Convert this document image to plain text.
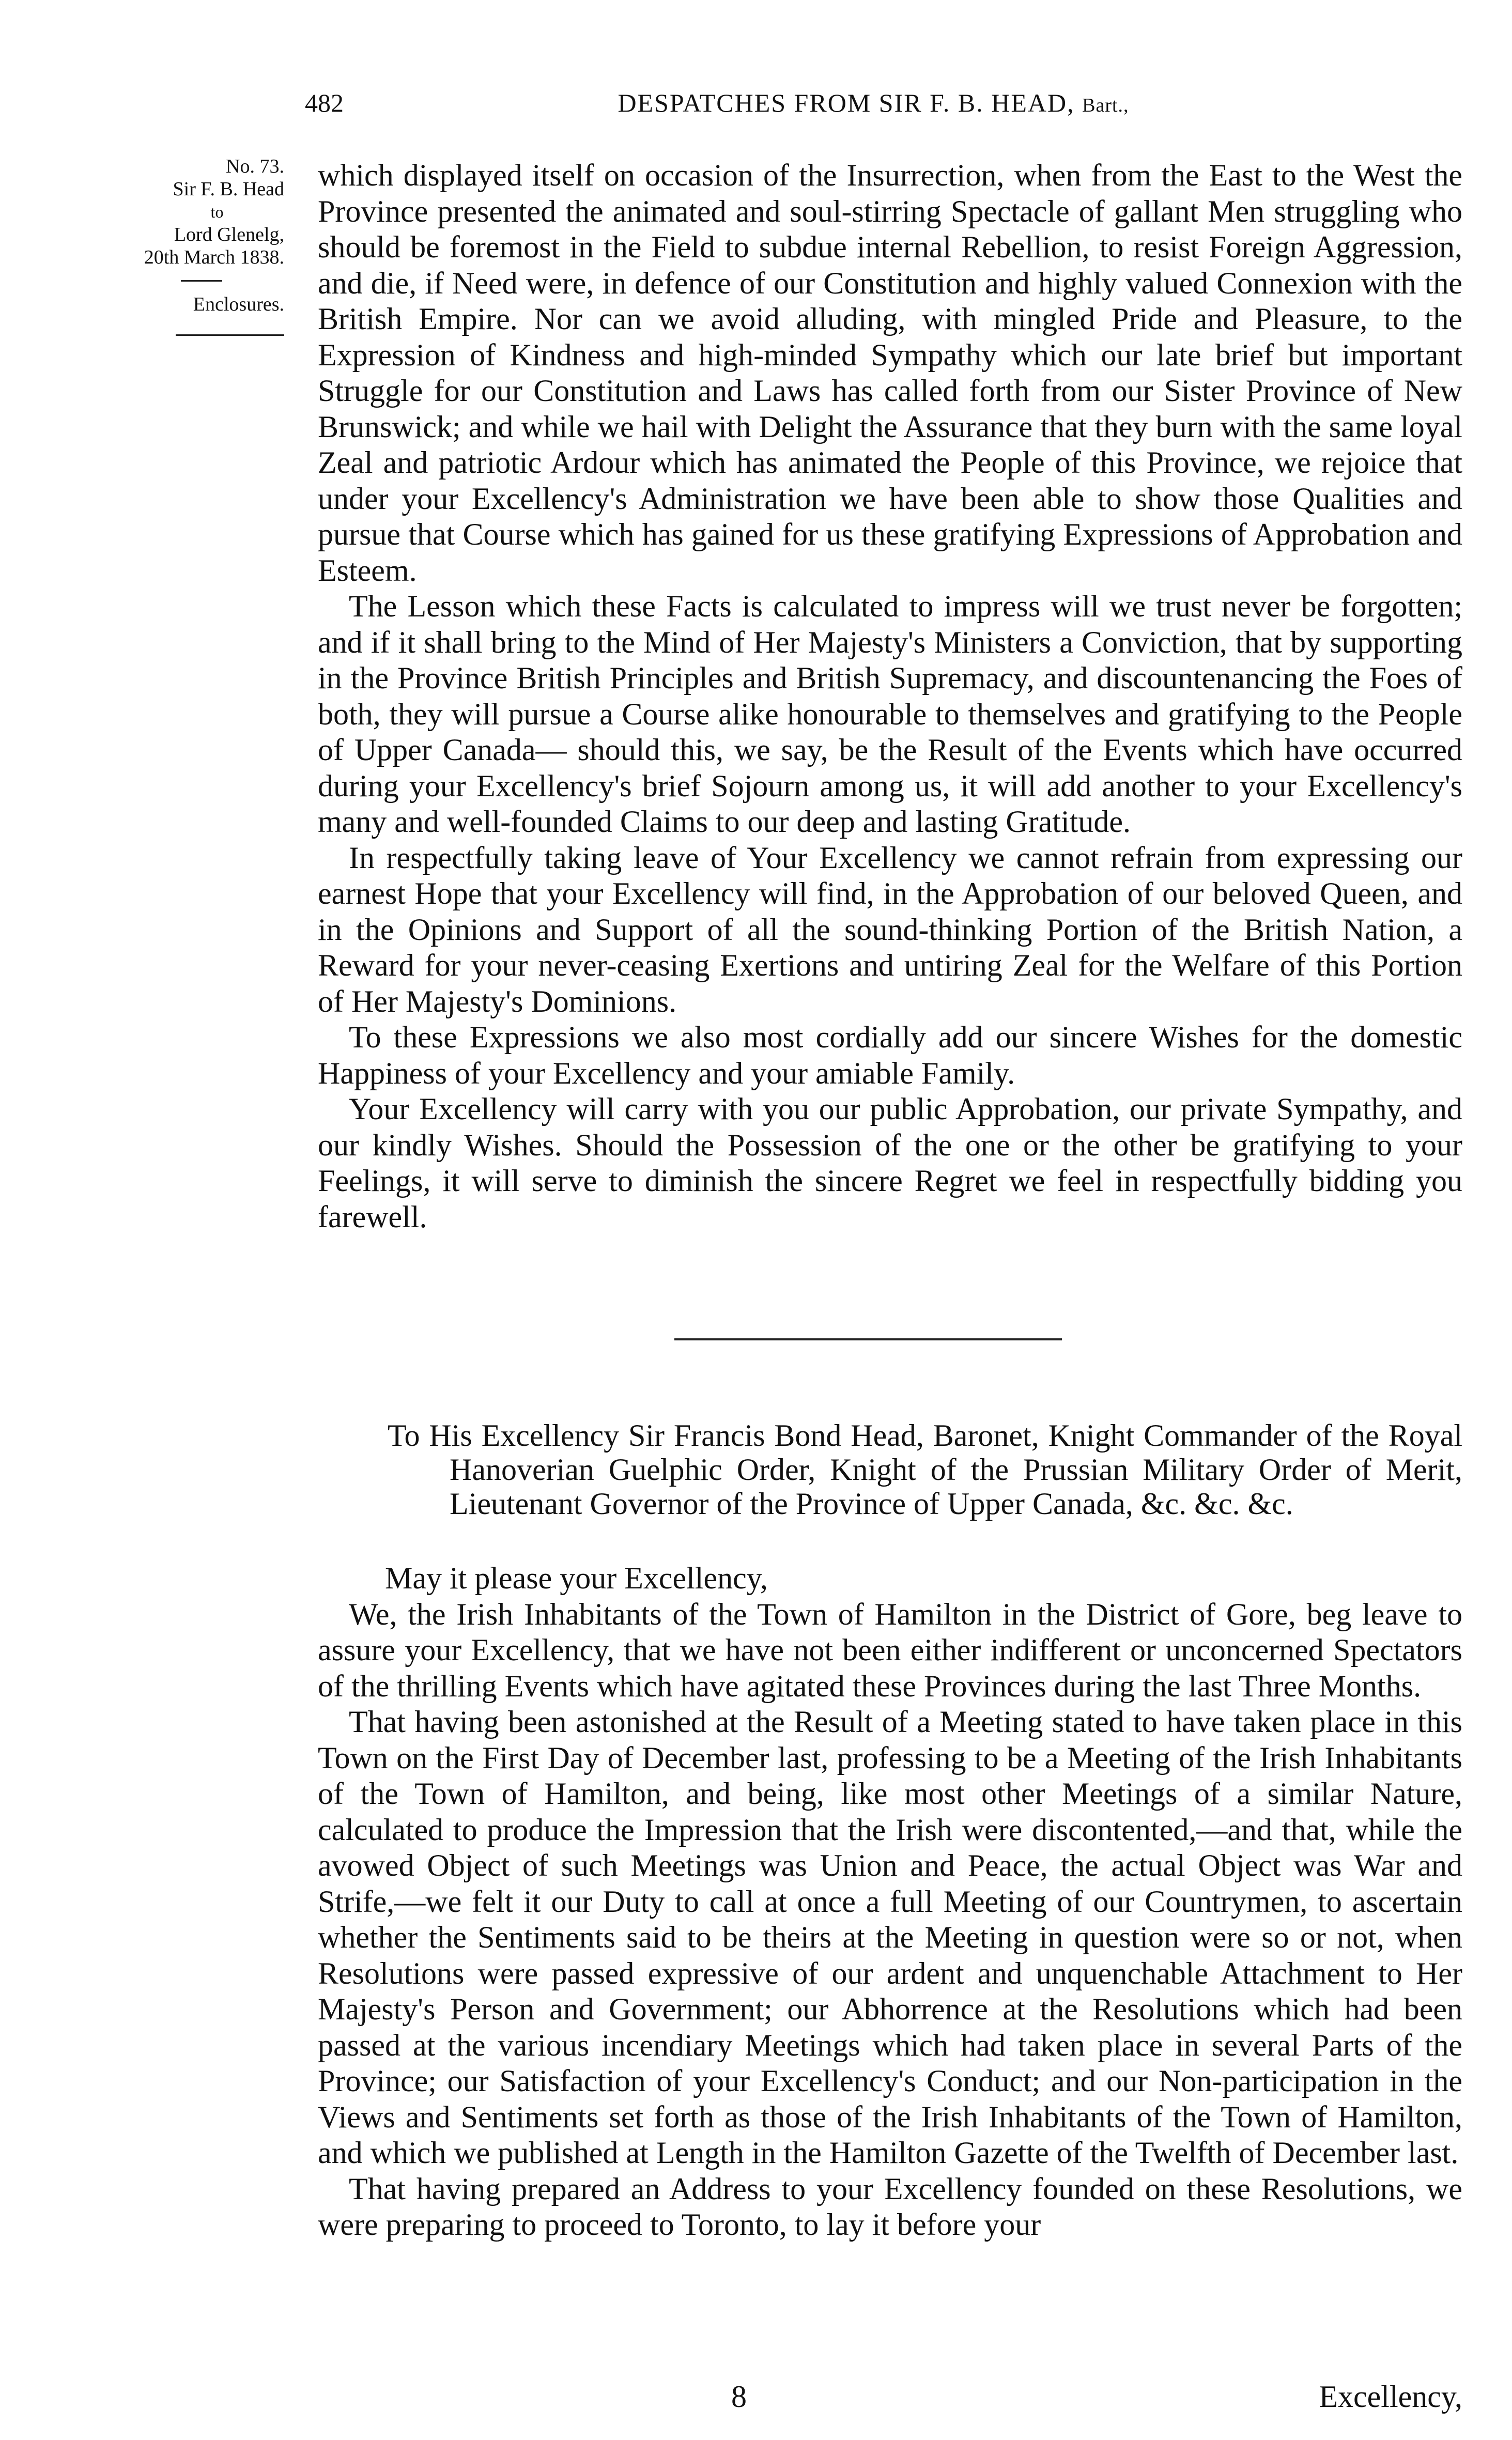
482	DESPATCHES FROM SIR F. B. HEAD, Bart.,
No. 73.
Sir F. B. Head
to
Lord Glenelg,
20th March 1838.
Enclosures.

which displayed itself on occasion of the Insurrection, when from the East to the West the Province presented the animated and soul-stirring Spectacle of gallant Men struggling who should be foremost in the Field to subdue internal Rebellion, to resist Foreign Aggression, and die, if Need were, in defence of our Constitution and highly valued Connexion with the British Empire. Nor can we avoid alluding, with mingled Pride and Pleasure, to the Expression of Kindness and high-minded Sympathy which our late brief but important Struggle for our Constitution and Laws has called forth from our Sister Province of New Brunswick; and while we hail with Delight the Assurance that they burn with the same loyal Zeal and patriotic Ardour which has animated the People of this Province, we rejoice that under your Excellency's Administration we have been able to show those Qualities and pursue that Course which has gained for us these gratifying Expressions of Approbation and Esteem.

The Lesson which these Facts is calculated to impress will we trust never be forgotten; and if it shall bring to the Mind of Her Majesty's Ministers a Conviction, that by supporting in the Province British Principles and British Supremacy, and discountenancing the Foes of both, they will pursue a Course alike honourable to themselves and gratifying to the People of Upper Canada— should this, we say, be the Result of the Events which have occurred during your Excellency's brief Sojourn among us, it will add another to your Excellency's many and well-founded Claims to our deep and lasting Gratitude.

In respectfully taking leave of Your Excellency we cannot refrain from expressing our earnest Hope that your Excellency will find, in the Approbation of our beloved Queen, and in the Opinions and Support of all the sound-thinking Portion of the British Nation, a Reward for your never-ceasing Exertions and untiring Zeal for the Welfare of this Portion of Her Majesty's Dominions.

To these Expressions we also most cordially add our sincere Wishes for the domestic Happiness of your Excellency and your amiable Family.

Your Excellency will carry with you our public Approbation, our private Sympathy, and our kindly Wishes. Should the Possession of the one or the other be gratifying to your Feelings, it will serve to diminish the sincere Regret we feel in respectfully bidding you farewell.

To His Excellency Sir Francis Bond Head, Baronet, Knight Commander of the Royal Hanoverian Guelphic Order, Knight of the Prussian Military Order of Merit, Lieutenant Governor of the Province of Upper Canada, &c. &c. &c.

May it please your Excellency,

We, the Irish Inhabitants of the Town of Hamilton in the District of Gore, beg leave to assure your Excellency, that we have not been either indifferent or unconcerned Spectators of the thrilling Events which have agitated these Provinces during the last Three Months.

That having been astonished at the Result of a Meeting stated to have taken place in this Town on the First Day of December last, professing to be a Meeting of the Irish Inhabitants of the Town of Hamilton, and being, like most other Meetings of a similar Nature, calculated to produce the Impression that the Irish were discontented,—and that, while the avowed Object of such Meetings was Union and Peace, the actual Object was War and Strife,—we felt it our Duty to call at once a full Meeting of our Countrymen, to ascertain whether the Sentiments said to be theirs at the Meeting in question were so or not, when Resolutions were passed expressive of our ardent and unquenchable Attachment to Her Majesty's Person and Government; our Abhorrence at the Resolutions which had been passed at the various incendiary Meetings which had taken place in several Parts of the Province; our Satisfaction of your Excellency's Conduct; and our Non-participation in the Views and Sentiments set forth as those of the Irish Inhabitants of the Town of Hamilton, and which we published at Length in the Hamilton Gazette of the Twelfth of December last.

That having prepared an Address to your Excellency founded on these Resolutions, we were preparing to proceed to Toronto, to lay it before your

8	Excellency,
